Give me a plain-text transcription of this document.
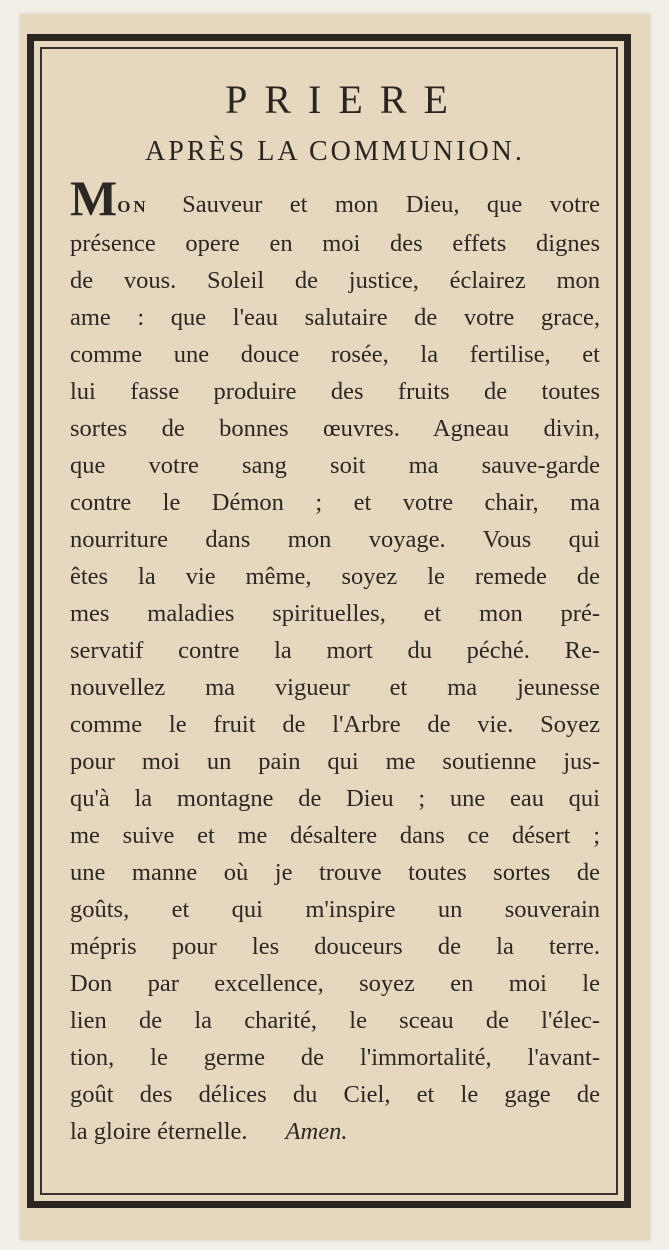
PRIERE
APRÈS LA COMMUNION.
MON Sauveur et mon Dieu, que votre
présence opere en moi des effets dignes
de vous. Soleil de justice, éclairez mon
ame : que l'eau salutaire de votre grace,
comme une douce rosée, la fertilise, et
lui fasse produire des fruits de toutes
sortes de bonnes œuvres. Agneau divin,
que votre sang soit ma sauve-garde
contre le Démon ; et votre chair, ma
nourriture dans mon voyage. Vous qui
êtes la vie même, soyez le remede de
mes maladies spirituelles, et mon pré-
servatif contre la mort du péché. Re-
nouvellez ma vigueur et ma jeunesse
comme le fruit de l'Arbre de vie. Soyez
pour moi un pain qui me soutienne jus-
qu'à la montagne de Dieu ; une eau qui
me suive et me désaltere dans ce désert ;
une manne où je trouve toutes sortes de
goûts, et qui m'inspire un souverain
mépris pour les douceurs de la terre.
Don par excellence, soyez en moi le
lien de la charité, le sceau de l'élec-
tion, le germe de l'immortalité, l'avant-
goût des délices du Ciel, et le gage de
la gloire éternelle. Amen.
